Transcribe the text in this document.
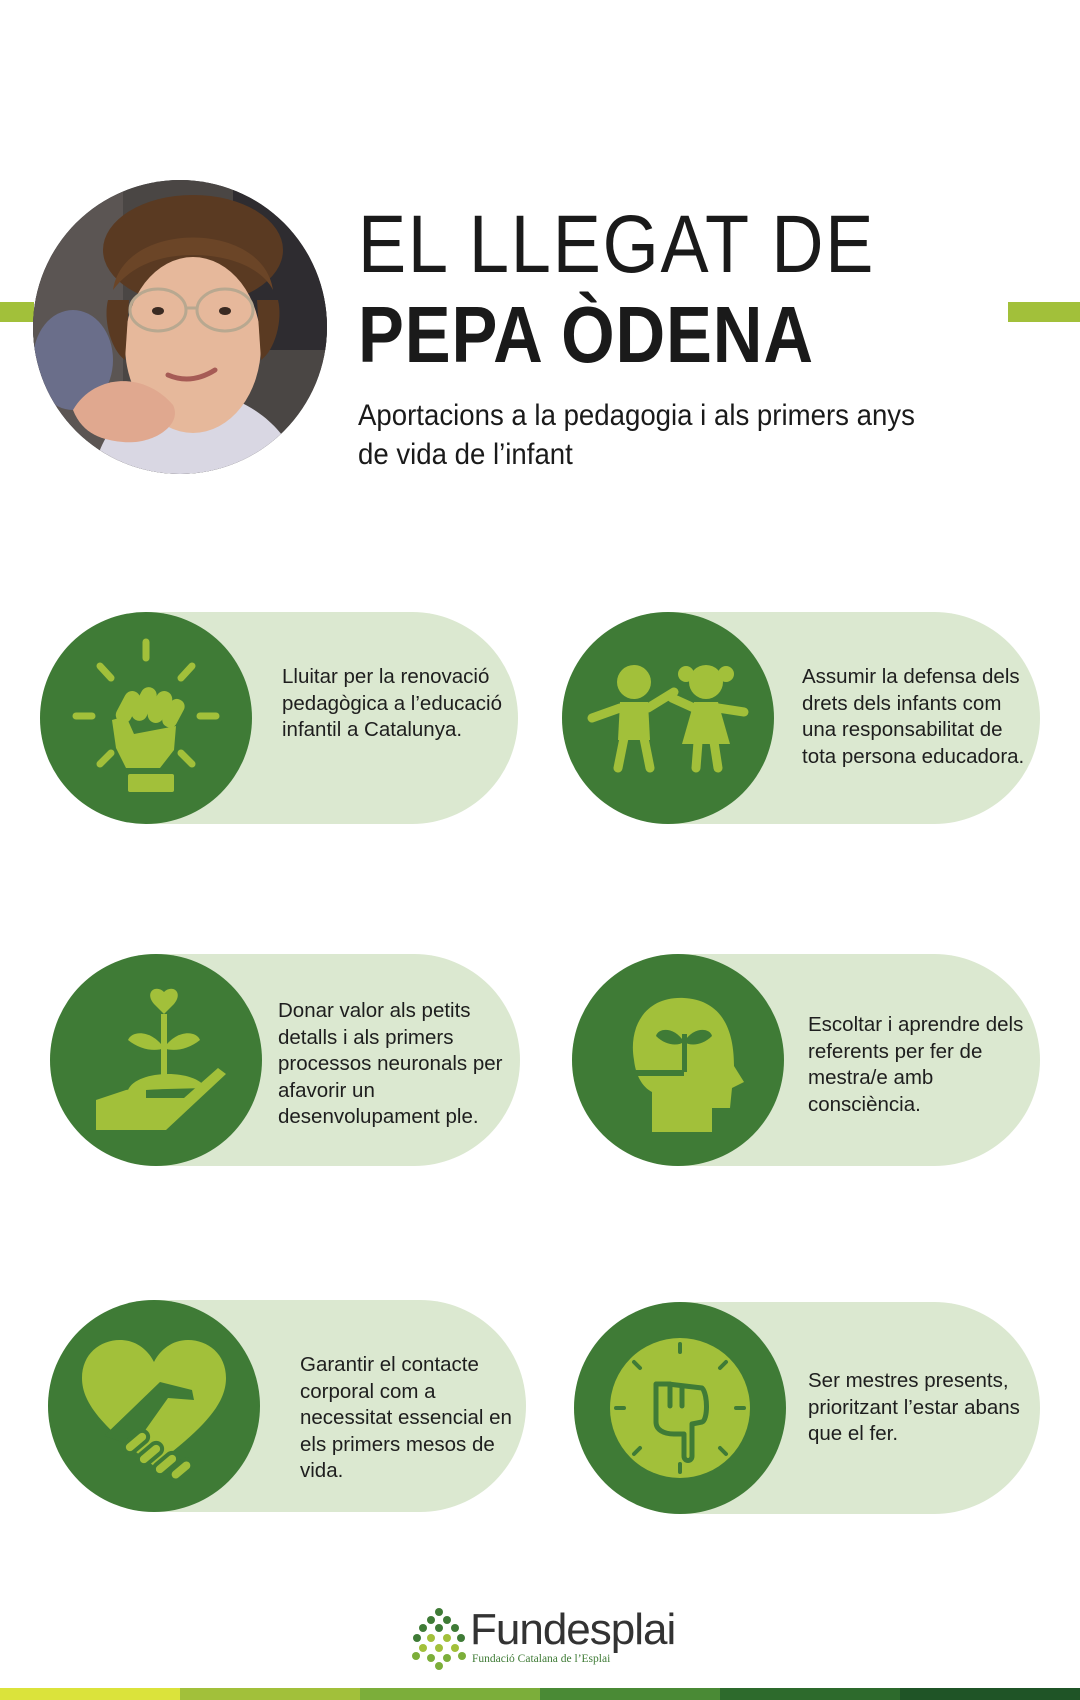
EL LLEGAT DE
PEPA ÒDENA
Aportacions a la pedagogia i als primers anys de vida de l’infant
Lluitar per la renovació pedagògica a l’educació infantil a Catalunya.
Assumir la defensa dels drets dels infants com una responsabilitat de tota persona educadora.
Donar valor als petits detalls i als primers processos neuronals per afavorir un desenvolupament ple.
Escoltar i aprendre dels referents per fer de mestra/e amb consciència.
Garantir el contacte corporal com a necessitat essencial en els primers mesos de vida.
Ser mestres presents, prioritzant l’estar abans que el fer.
Fundesplai
Fundació Catalana de l’Esplai
